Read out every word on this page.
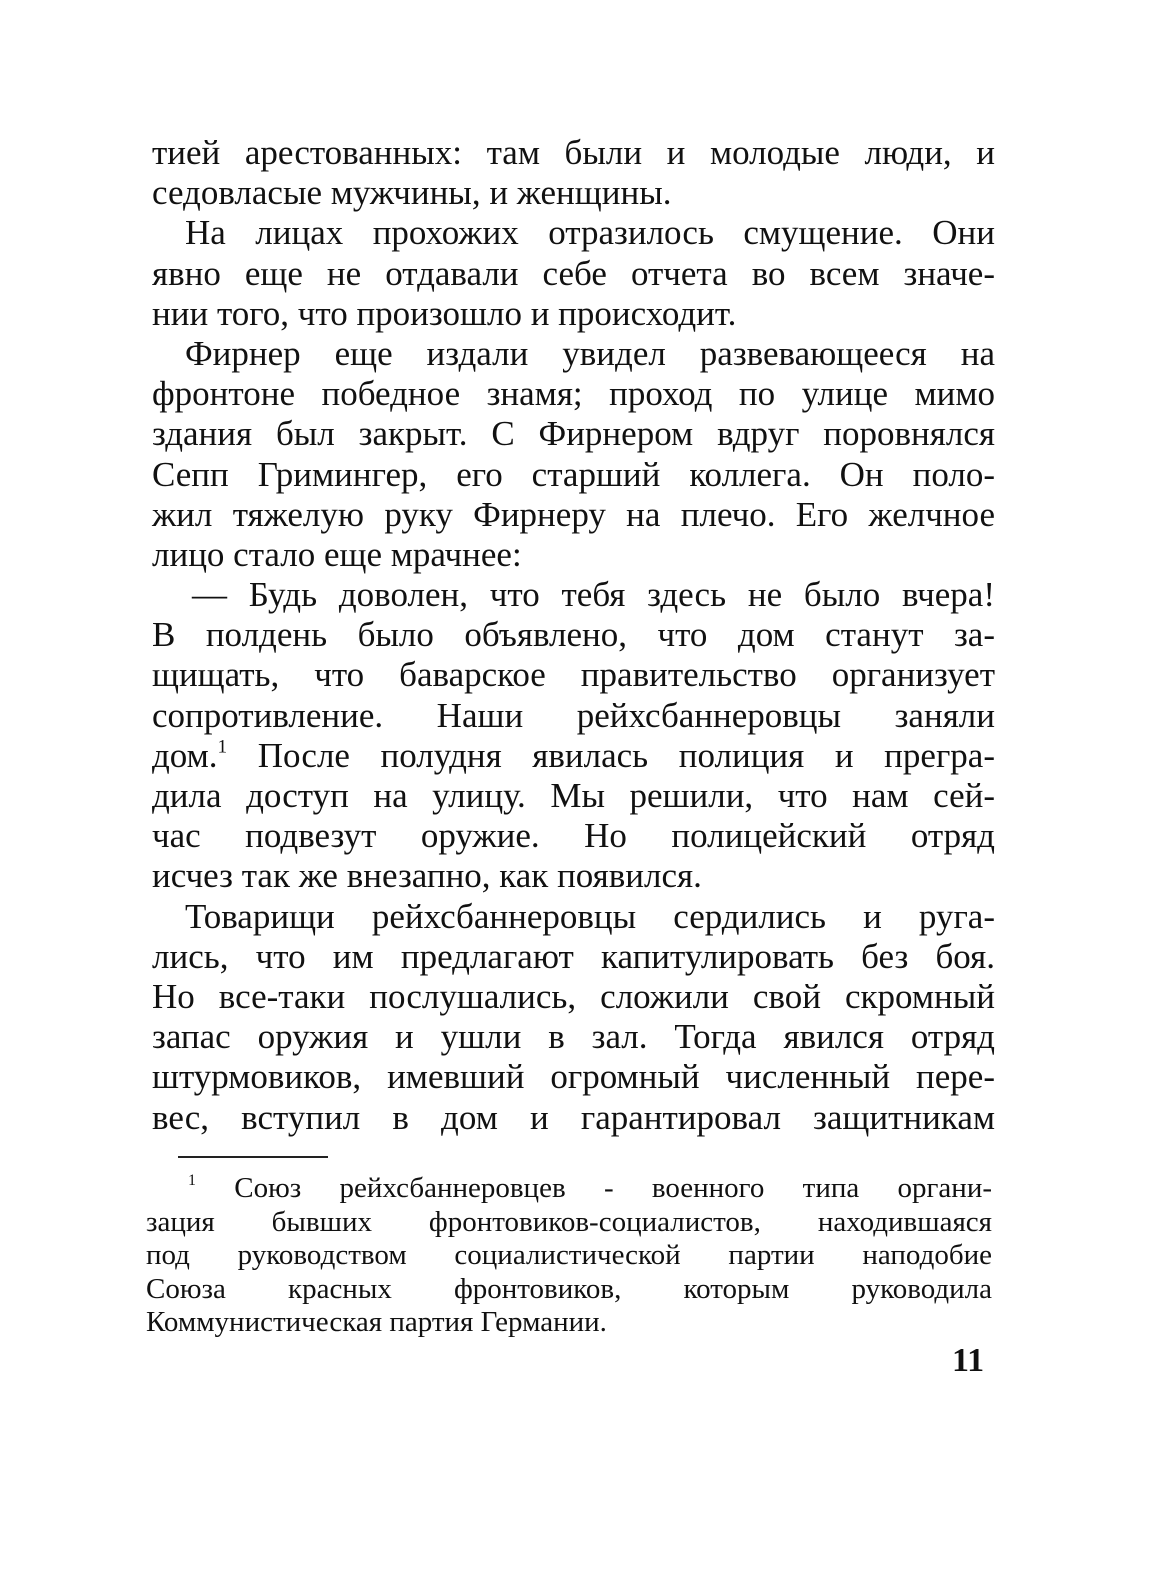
тией арестованных: там были и молодые люди, и
седовласые мужчины, и женщины.
На лицах прохожих отразилось смущение. Они
явно еще не отдавали себе отчета во всем значе-
нии того, что произошло и происходит.
Фирнер еще издали увидел развевающееся на
фронтоне победное знамя; проход по улице мимо
здания был закрыт. С Фирнером вдруг поровнялся
Сепп Гримингер, его старший коллега. Он поло-
жил тяжелую руку Фирнеру на плечо. Его желчное
лицо стало еще мрачнее:
— Будь доволен, что тебя здесь не было вчера!
В полдень было объявлено, что дом станут за-
щищать, что баварское правительство организует
сопротивление. Наши рейхсбаннеровцы заняли
дом.$^1$ После полудня явилась полиция и прегра-
дила доступ на улицу. Мы решили, что нам сей-
час подвезут оружие. Но полицейский отряд
исчез так же внезапно, как появился.
Товарищи рейхсбаннеровцы сердились и руга-
лись, что им предлагают капитулировать без боя.
Но все-таки послушались, сложили свой скромный
запас оружия и ушли в зал. Тогда явился отряд
штурмовиков, имевший огромный численный пере-
вес, вступил в дом и гарантировал защитникам
$^1$ Союз рейхсбаннеровцев - военного типа органи-
зация бывших фронтовиков-социалистов, находившаяся
под руководством социалистической партии наподобие
Союза красных фронтовиков, которым руководила
Коммунистическая партия Германии.
11
